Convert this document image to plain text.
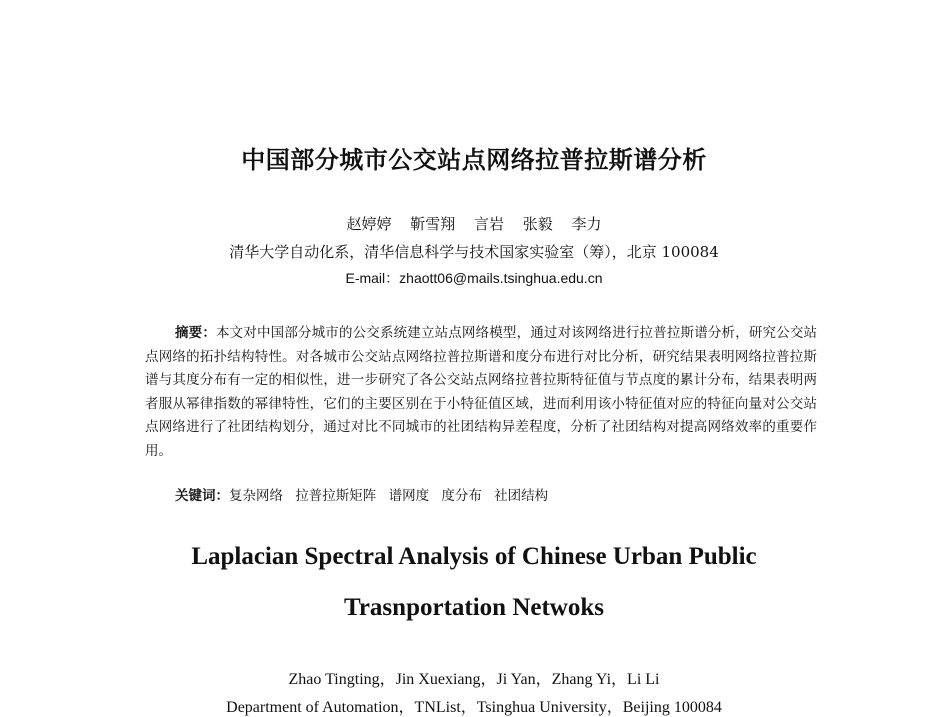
中国部分城市公交站点网络拉普拉斯谱分析
赵婷婷 靳雪翔 言岩 张毅 李力
清华大学自动化系，清华信息科学与技术国家实验室（筹），北京 100084
E-mail：zhaott06@mails.tsinghua.edu.cn

摘要：本文对中国部分城市的公交系统建立站点网络模型，通过对该网络进行拉普拉斯谱分析，研究公交站点网络的拓扑结构特性。对各城市公交站点网络拉普拉斯谱和度分布进行对比分析，研究结果表明网络拉普拉斯谱与其度分布有一定的相似性，进一步研究了各公交站点网络拉普拉斯特征值与节点度的累计分布，结果表明两者服从幂律指数的幂律特性，它们的主要区别在于小特征值区域，进而利用该小特征值对应的特征向量对公交站点网络进行了社团结构划分，通过对比不同城市的社团结构异差程度，分析了社团结构对提高网络效率的重要作用。

关键词：复杂网络 拉普拉斯矩阵 谱网度 度分布 社团结构
Laplacian Spectral Analysis of Chinese Urban Public
Trasnportation Netwoks
Zhao Tingting，Jin Xuexiang，Ji Yan，Zhang Yi，Li Li
Department of Automation，TNList，Tsinghua University，Beijing 100084
